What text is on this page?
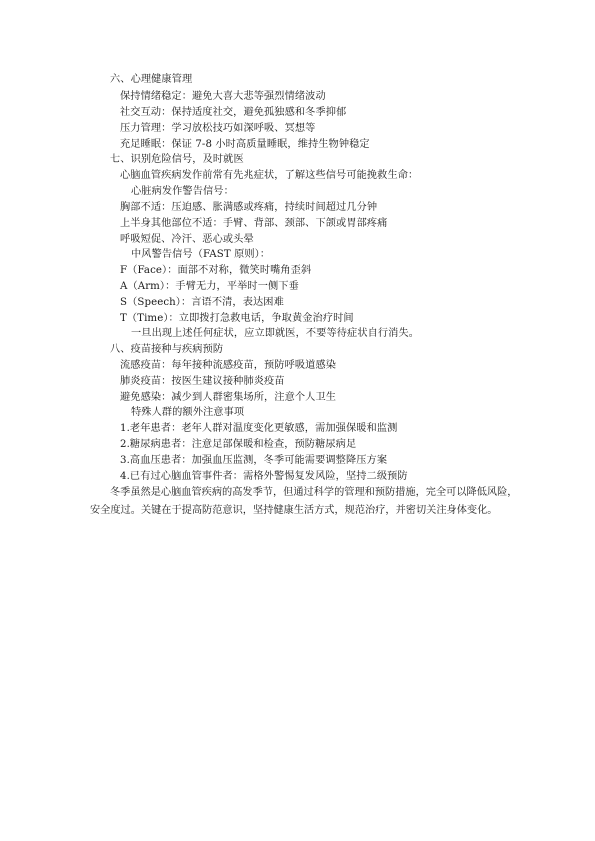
六、心理健康管理
保持情绪稳定：避免大喜大悲等强烈情绪波动
社交互动：保持适度社交，避免孤独感和冬季抑郁
压力管理：学习放松技巧如深呼吸、冥想等
充足睡眠：保证 7-8 小时高质量睡眠，维持生物钟稳定
七、识别危险信号，及时就医
心脑血管疾病发作前常有先兆症状，了解这些信号可能挽救生命：
心脏病发作警告信号：
胸部不适：压迫感、胀满感或疼痛，持续时间超过几分钟
上半身其他部位不适：手臂、背部、颈部、下颌或胃部疼痛
呼吸短促、冷汗、恶心或头晕
中风警告信号（FAST 原则）：
F（Face）：面部不对称，微笑时嘴角歪斜
A（Arm）：手臂无力，平举时一侧下垂
S（Speech）：言语不清，表达困难
T（Time）：立即拨打急救电话，争取黄金治疗时间
一旦出现上述任何症状，应立即就医，不要等待症状自行消失。
八、疫苗接种与疾病预防
流感疫苗：每年接种流感疫苗，预防呼吸道感染
肺炎疫苗：按医生建议接种肺炎疫苗
避免感染：减少到人群密集场所，注意个人卫生
特殊人群的额外注意事项
1.老年患者：老年人群对温度变化更敏感，需加强保暖和监测
2.糖尿病患者：注意足部保暖和检查，预防糖尿病足
3.高血压患者：加强血压监测，冬季可能需要调整降压方案
4.已有过心脑血管事件者：需格外警惕复发风险，坚持二级预防
冬季虽然是心脑血管疾病的高发季节，但通过科学的管理和预防措施，完全可以降低风险，安全度过。关键在于提高防范意识，坚持健康生活方式，规范治疗，并密切关注身体变化。
